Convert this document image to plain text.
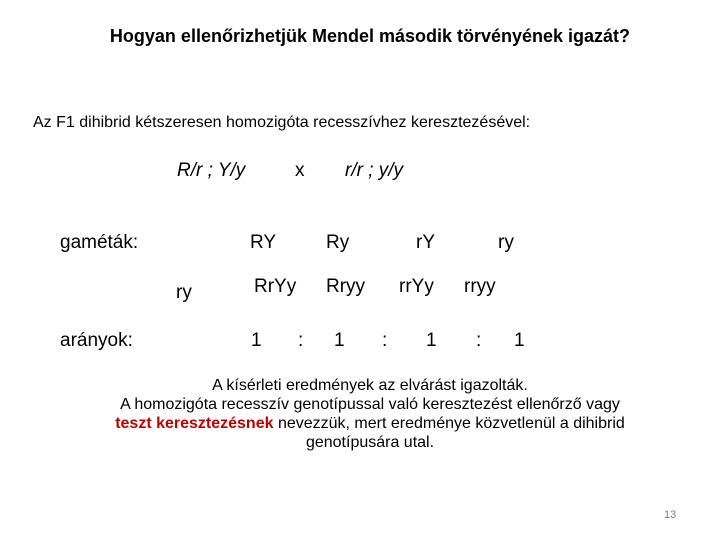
Hogyan ellenőrizhetjük Mendel második törvényének igazát?
Az F1 dihibrid kétszeresen homozigóta recesszívhez keresztezésével:
R/r ; Y/y	x r/r ; y/y
gaméták:	RY	Ry	rY	ry
ry	RrYy Rryy rrYy rryy
arányok:	1 : 1 : 1 : 1
A kísérleti eredmények az elvárást igazolták.
A homozigóta recesszív genotípussal való keresztezést ellenőrző vagy
teszt keresztezésnek nevezzük, mert eredménye közvetlenül a dihibrid
genotípusára utal.
13
